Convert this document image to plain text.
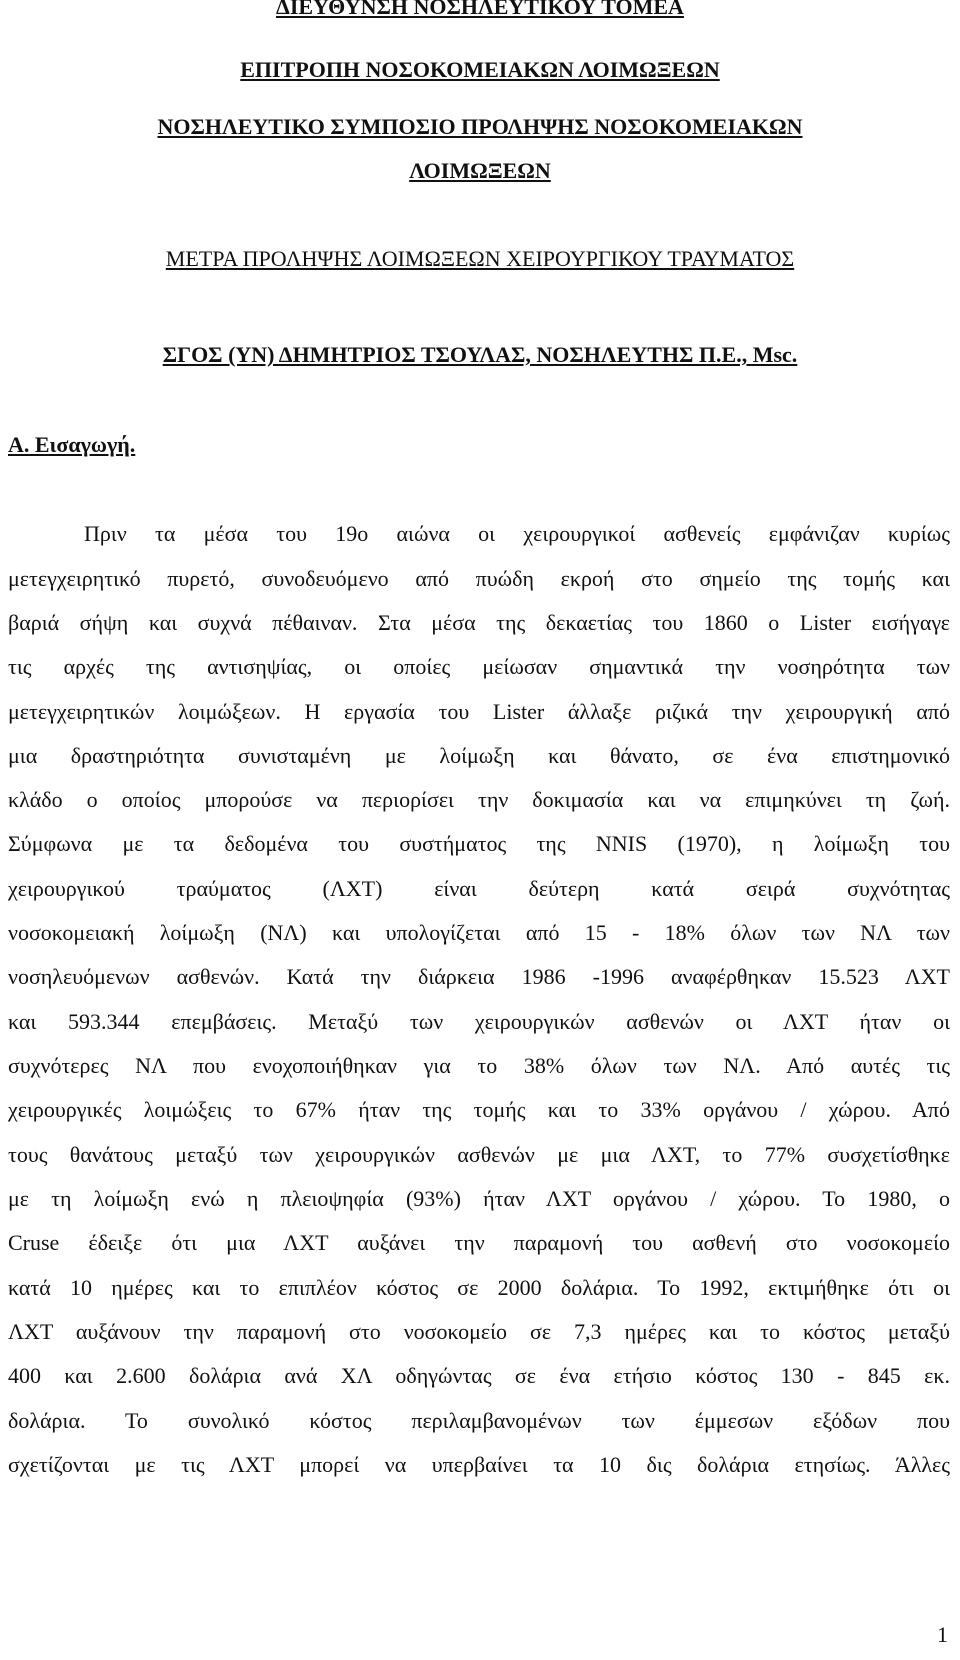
ΔΙΕΥΘΥΝΣΗ ΝΟΣΗΛΕΥΤΙΚΟΥ ΤΟΜΕΑ
ΕΠΙΤΡΟΠΗ ΝΟΣΟΚΟΜΕΙΑΚΩΝ ΛΟΙΜΩΞΕΩΝ
ΝΟΣΗΛΕΥΤΙΚΟ ΣΥΜΠΟΣΙΟ ΠΡΟΛΗΨΗΣ ΝΟΣΟΚΟΜΕΙΑΚΩΝ
ΛΟΙΜΩΞΕΩΝ
ΜΕΤΡΑ ΠΡΟΛΗΨΗΣ ΛΟΙΜΩΞΕΩΝ ΧΕΙΡΟΥΡΓΙΚΟΥ ΤΡΑΥΜΑΤΟΣ
ΣΓΟΣ (ΥΝ) ΔΗΜΗΤΡΙΟΣ ΤΣΟΥΛΑΣ, ΝΟΣΗΛΕΥΤΗΣ Π.Ε., Msc.
Α. Εισαγωγή.
Πριν τα μέσα του 19ο αιώνα οι χειρουργικοί ασθενείς εμφάνιζαν κυρίως
μετεγχειρητικό πυρετό, συνοδευόμενο από πυώδη εκροή στο σημείο της τομής και
βαριά σήψη και συχνά πέθαιναν. Στα μέσα της δεκαετίας του 1860 ο Lister εισήγαγε
τις αρχές της αντισηψίας, οι οποίες μείωσαν σημαντικά την νοσηρότητα των
μετεγχειρητικών λοιμώξεων. Η εργασία του Lister άλλαξε ριζικά την χειρουργική από
μια δραστηριότητα συνισταμένη με λοίμωξη και θάνατο, σε ένα επιστημονικό
κλάδο ο οποίος μπορούσε να περιορίσει την δοκιμασία και να επιμηκύνει τη ζωή.
Σύμφωνα με τα δεδομένα του συστήματος της NNIS (1970), η λοίμωξη του
χειρουργικού τραύματος (ΛΧΤ) είναι δεύτερη κατά σειρά συχνότητας
νοσοκομειακή λοίμωξη (ΝΛ) και υπολογίζεται από 15 - 18% όλων των ΝΛ των
νοσηλευόμενων ασθενών. Κατά την διάρκεια 1986 -1996 αναφέρθηκαν 15.523 ΛΧΤ
και 593.344 επεμβάσεις. Μεταξύ των χειρουργικών ασθενών οι ΛΧΤ ήταν οι
συχνότερες ΝΛ που ενοχοποιήθηκαν για το 38% όλων των ΝΛ. Από αυτές τις
χειρουργικές λοιμώξεις το 67% ήταν της τομής και το 33% οργάνου / χώρου. Από
τους θανάτους μεταξύ των χειρουργικών ασθενών με μια ΛΧΤ, το 77% συσχετίσθηκε
με τη λοίμωξη ενώ η πλειοψηφία (93%) ήταν ΛΧΤ οργάνου / χώρου. Το 1980, ο
Cruse έδειξε ότι μια ΛΧΤ αυξάνει την παραμονή του ασθενή στο νοσοκομείο
κατά 10 ημέρες και το επιπλέον κόστος σε 2000 δολάρια. Το 1992, εκτιμήθηκε ότι οι
ΛΧΤ αυξάνουν την παραμονή στο νοσοκομείο σε 7,3 ημέρες και το κόστος μεταξύ
400 και 2.600 δολάρια ανά ΧΛ οδηγώντας σε ένα ετήσιο κόστος 130 - 845 εκ.
δολάρια. Το συνολικό κόστος περιλαμβανομένων των έμμεσων εξόδων που
σχετίζονται με τις ΛΧΤ μπορεί να υπερβαίνει τα 10 δις δολάρια ετησίως. Άλλες
1
